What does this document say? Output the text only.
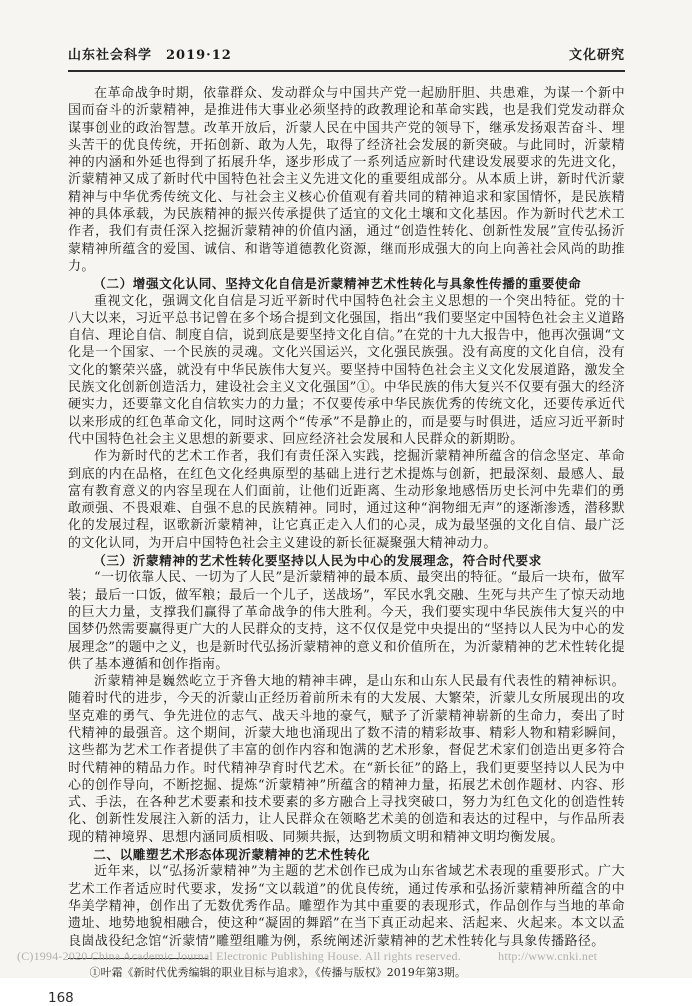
山东社会科学　2019·12	文化研究

在革命战争时期，依靠群众、发动群众与中国共产党一起励肝胆、共患难，为谋一个新中国而奋斗的沂蒙精神，是推进伟大事业必须坚持的政教理论和革命实践，也是我们党发动群众谋事创业的政治智慧。改革开放后，沂蒙人民在中国共产党的领导下，继承发扬艰苦奋斗、埋头苦干的优良传统，开拓创新、敢为人先，取得了经济社会发展的新突破。与此同时，沂蒙精神的内涵和外延也得到了拓展升华，逐步形成了一系列适应新时代建设发展要求的先进文化，沂蒙精神又成了新时代中国特色社会主义先进文化的重要组成部分。从本质上讲，新时代沂蒙精神与中华优秀传统文化、与社会主义核心价值观有着共同的精神追求和家国情怀，是民族精神的具体承载，为民族精神的振兴传承提供了适宜的文化土壤和文化基因。作为新时代艺术工作者，我们有责任深入挖掘沂蒙精神的价值内涵，通过“创造性转化、创新性发展”宣传弘扬沂蒙精神所蕴含的爱国、诚信、和谐等道德教化资源，继而形成强大的向上向善社会风尚的助推力。

（二）增强文化认同、坚持文化自信是沂蒙精神艺术性转化与具象性传播的重要使命

重视文化，强调文化自信是习近平新时代中国特色社会主义思想的一个突出特征。党的十八大以来，习近平总书记曾在多个场合提到文化强国，指出“我们要坚定中国特色社会主义道路自信、理论自信、制度自信，说到底是要坚持文化自信。”在党的十九大报告中，他再次强调“文化是一个国家、一个民族的灵魂。文化兴国运兴，文化强民族强。没有高度的文化自信，没有文化的繁荣兴盛，就没有中华民族伟大复兴。要坚持中国特色社会主义文化发展道路，激发全民族文化创新创造活力，建设社会主义文化强国”①。中华民族的伟大复兴不仅要有强大的经济硬实力，还要靠文化自信软实力的力量；不仅要传承中华民族优秀的传统文化，还要传承近代以来形成的红色革命文化，同时这两个“传承”不是静止的，而是要与时俱进，适应习近平新时代中国特色社会主义思想的新要求、回应经济社会发展和人民群众的新期盼。

作为新时代的艺术工作者，我们有责任深入实践，挖掘沂蒙精神所蕴含的信念坚定、革命到底的内在品格，在红色文化经典原型的基础上进行艺术提炼与创新，把最深刻、最感人、最富有教育意义的内容呈现在人们面前，让他们近距离、生动形象地感悟历史长河中先辈们的勇敢顽强、不畏艰难、自强不息的民族精神。同时，通过这种“润物细无声”的逐渐渗透，潜移默化的发展过程，讴歌新沂蒙精神，让它真正走入人们的心灵，成为最坚强的文化自信、最广泛的文化认同，为开启中国特色社会主义建设的新长征凝聚强大精神动力。

（三）沂蒙精神的艺术性转化要坚持以人民为中心的发展理念，符合时代要求

“一切依靠人民、一切为了人民”是沂蒙精神的最本质、最突出的特征。“最后一块布，做军装；最后一口饭，做军粮；最后一个儿子，送战场”，军民水乳交融、生死与共产生了惊天动地的巨大力量，支撑我们赢得了革命战争的伟大胜利。今天，我们要实现中华民族伟大复兴的中国梦仍然需要赢得更广大的人民群众的支持，这不仅仅是党中央提出的“坚持以人民为中心的发展理念”的题中之义，也是新时代弘扬沂蒙精神的意义和价值所在，为沂蒙精神的艺术性转化提供了基本遵循和创作指南。

沂蒙精神是巍然屹立于齐鲁大地的精神丰碑，是山东和山东人民最有代表性的精神标识。随着时代的进步，今天的沂蒙山正经历着前所未有的大发展、大繁荣，沂蒙儿女所展现出的攻坚克难的勇气、争先进位的志气、战天斗地的豪气，赋予了沂蒙精神崭新的生命力，奏出了时代精神的最强音。这个期间，沂蒙大地也涌现出了数不清的精彩故事、精彩人物和精彩瞬间，这些都为艺术工作者提供了丰富的创作内容和饱满的艺术形象，督促艺术家们创造出更多符合时代精神的精品力作。时代精神孕育时代艺术。在“新长征”的路上，我们更要坚持以人民为中心的创作导向，不断挖掘、提炼“沂蒙精神”所蕴含的精神力量，拓展艺术创作题材、内容、形式、手法，在各种艺术要素和技术要素的多方融合上寻找突破口，努力为红色文化的创造性转化、创新性发展注入新的活力，让人民群众在领略艺术美的创造和表达的过程中，与作品所表现的精神境界、思想内涵同质相吸、同频共振，达到物质文明和精神文明均衡发展。

二、以雕塑艺术形态体现沂蒙精神的艺术性转化

近年来，以“弘扬沂蒙精神”为主题的艺术创作已成为山东省域艺术表现的重要形式。广大艺术工作者适应时代要求，发扬“文以载道”的优良传统，通过传承和弘扬沂蒙精神所蕴含的中华美学精神，创作出了无数优秀作品。雕塑作为其中重要的表现形式，作品创作与当地的革命遗址、地势地貌相融合，使这种“凝固的舞蹈”在当下真正动起来、活起来、火起来。本文以孟良崮战役纪念馆“沂蒙情”雕塑组雕为例，系统阐述沂蒙精神的艺术性转化与具象传播路径。

①叶霜《新时代优秀编辑的职业目标与追求》，《传播与版权》2019年第3期。

168
(C)1994-2020 China Academic Journal Electronic Publishing House. All rights reserved.	http://www.cnki.net
